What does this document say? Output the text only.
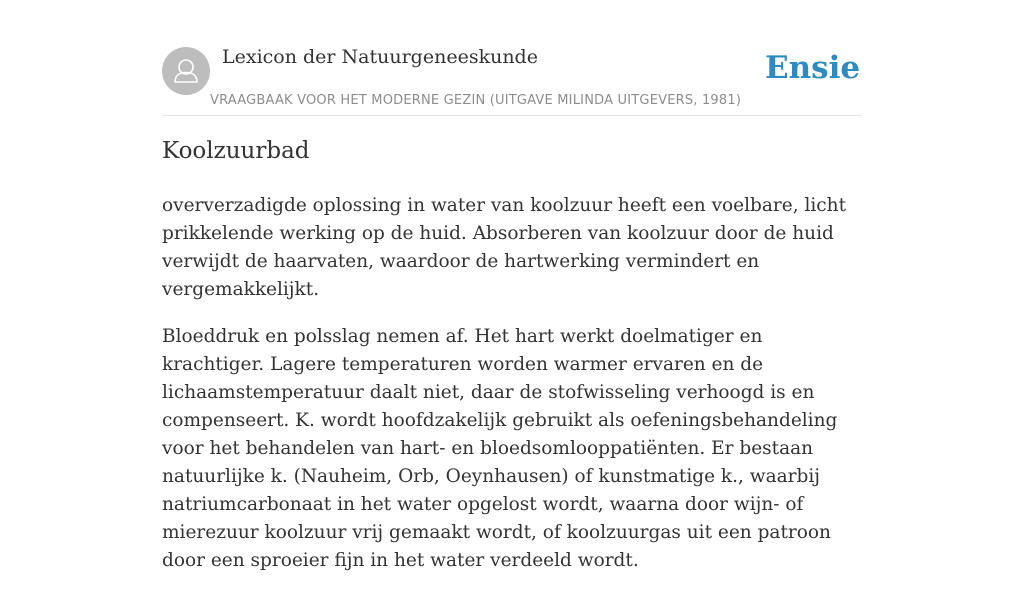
Lexicon der Natuurgeneeskunde
VRAAGBAAK VOOR HET MODERNE GEZIN (UITGAVE MILINDA UITGEVERS, 1981)
Ensie
Koolzuurbad

oververzadigde oplossing in water van koolzuur heeft een voelbare, licht prikkelende werking op de huid. Absorberen van koolzuur door de huid verwijdt de haarvaten, waardoor de hartwerking vermindert en vergemakkelijkt.

Bloeddruk en polsslag nemen af. Het hart werkt doelmatiger en krachtiger. Lagere temperaturen worden warmer ervaren en de lichaamstemperatuur daalt niet, daar de stofwisseling verhoogd is en compenseert. K. wordt hoofdzakelijk gebruikt als oefeningsbehandeling voor het behandelen van hart- en bloedsomlooppatiënten. Er bestaan natuurlijke k. (Nauheim, Orb, Oeynhausen) of kunstmatige k., waarbij natriumcarbonaat in het water opgelost wordt, waarna door wijn- of mierezuur koolzuur vrij gemaakt wordt, of koolzuurgas uit een patroon door een sproeier fijn in het water verdeeld wordt.
